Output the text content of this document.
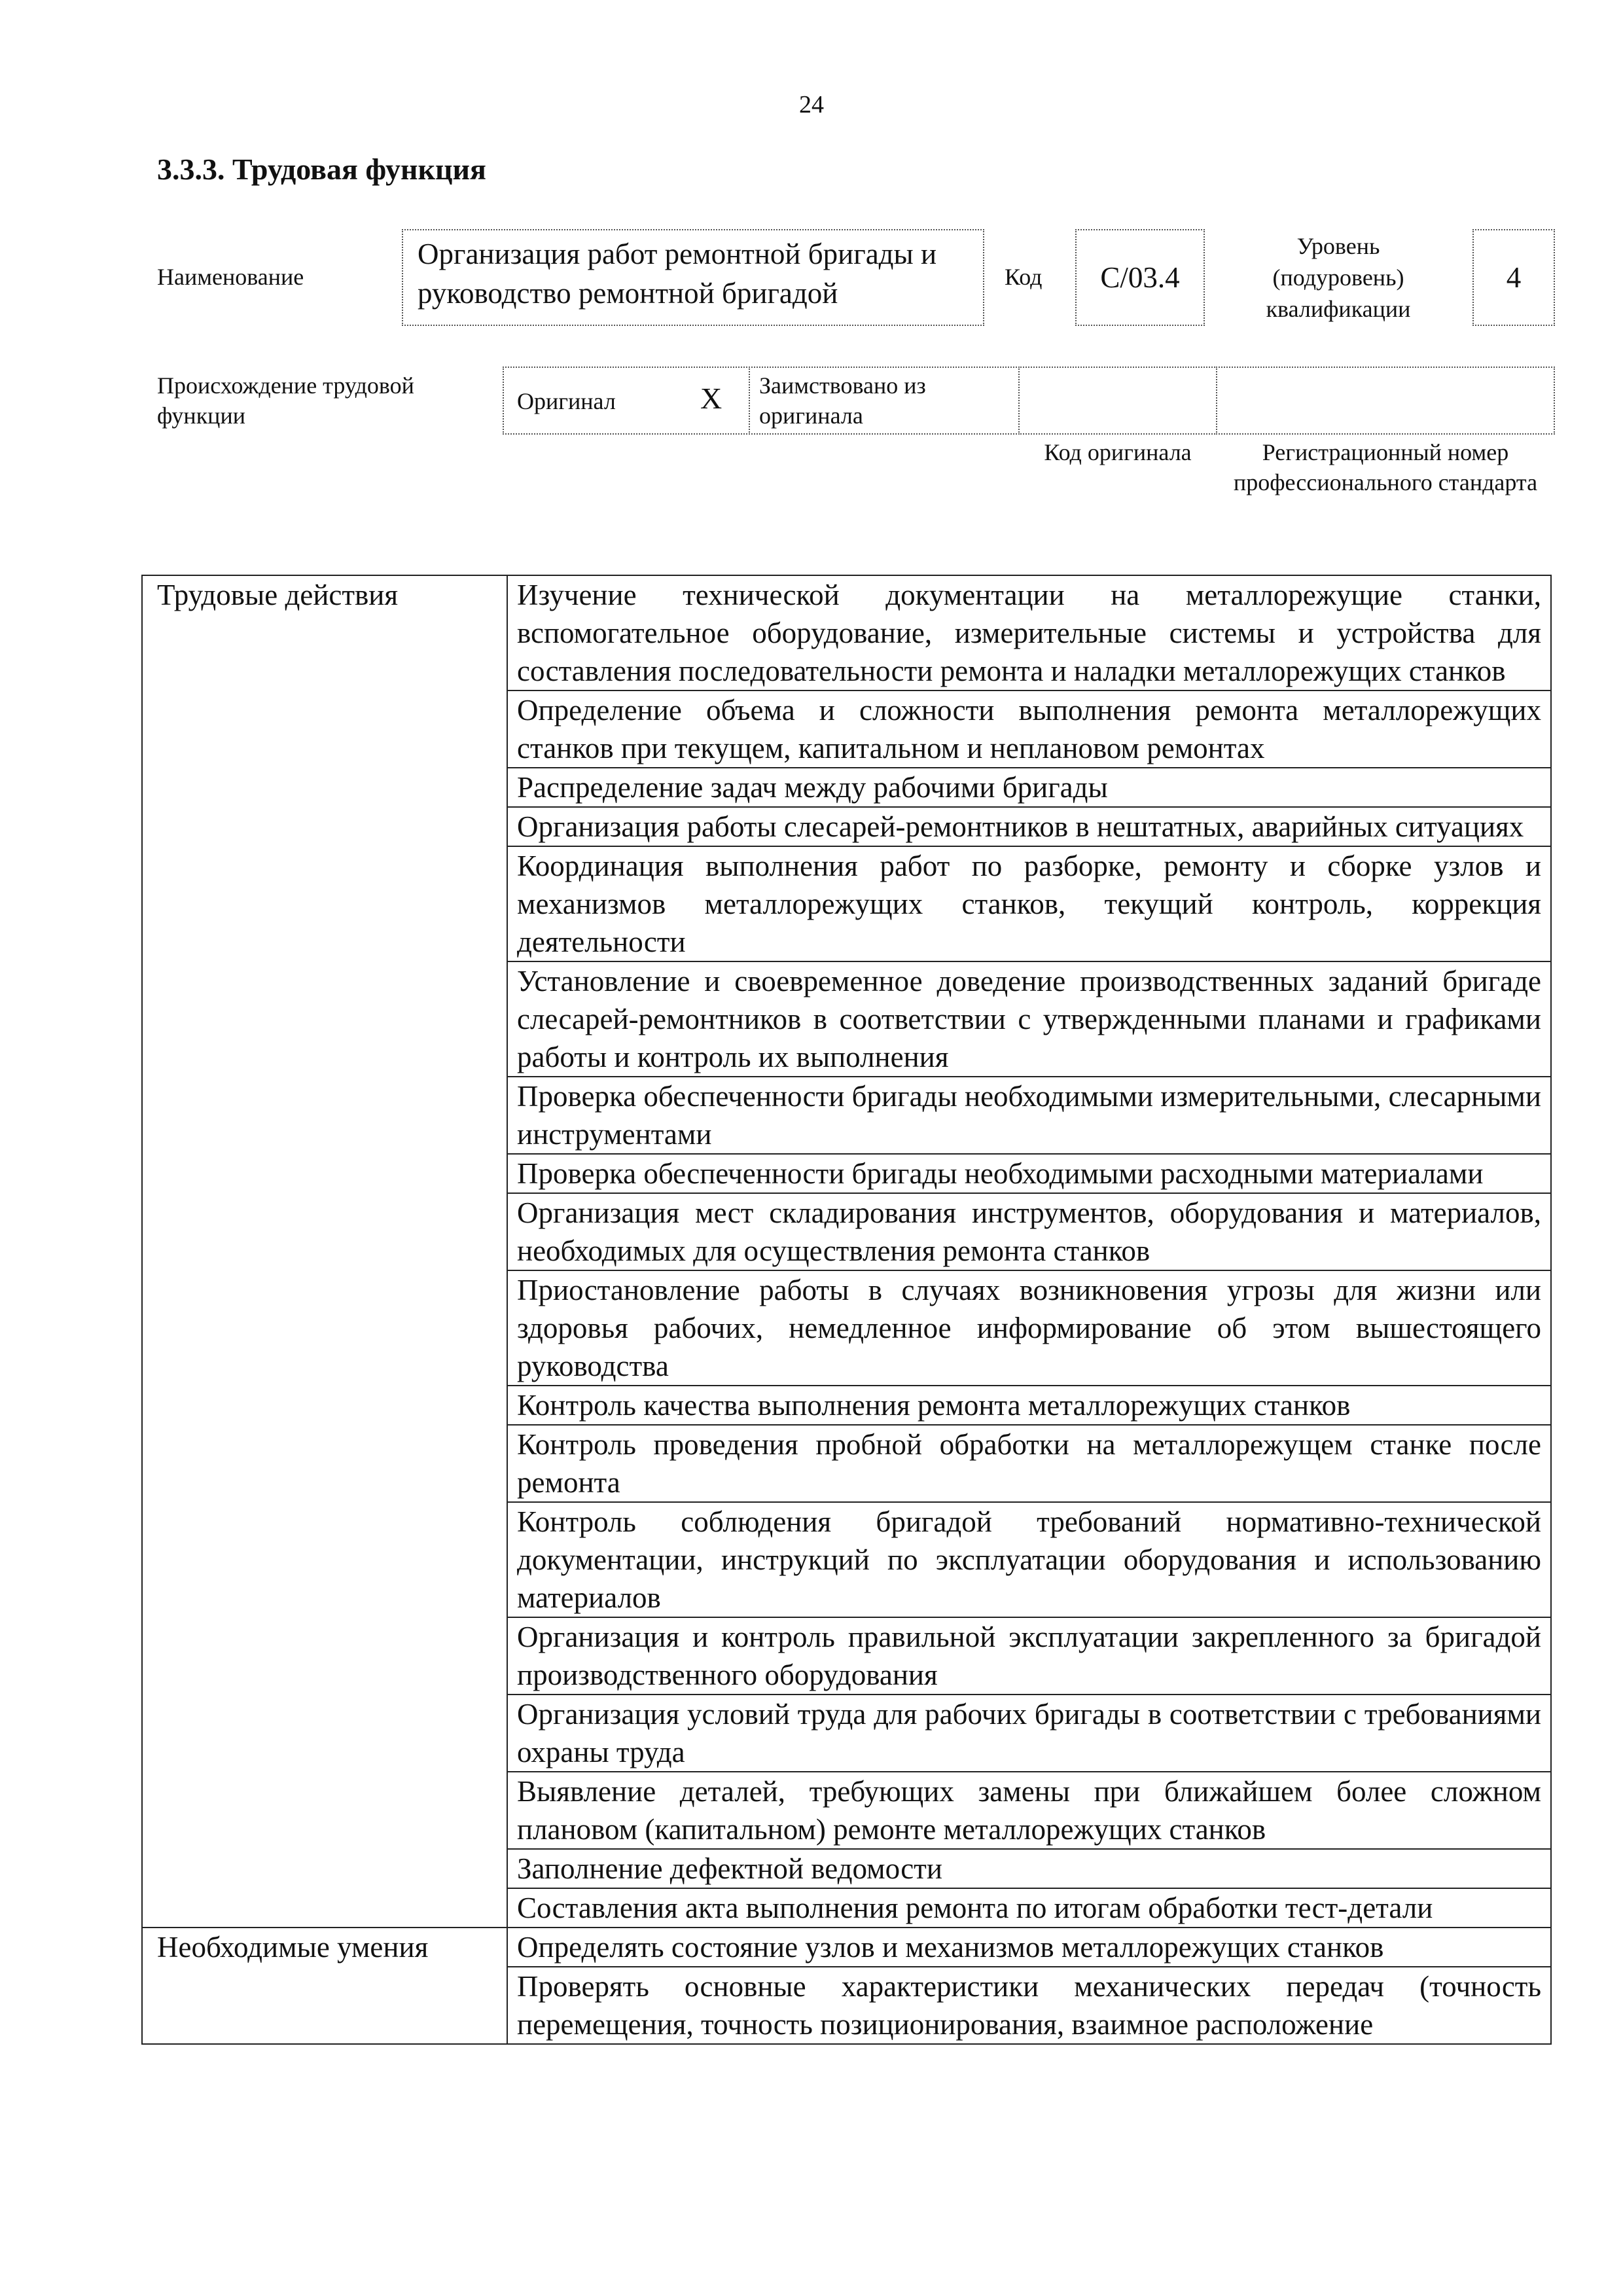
24
3.3.3. Трудовая функция
Наименование
Организация работ ремонтной бригады и руководство ремонтной бригадой	Код C/03.4
Уровень (подуровень) квалификации
4
Происхождение трудовой функции
Оригинал	X Заимствовано из оригинала
Код оригинала	Регистрационный номер профессионального стандарта
Трудовые действия	Изучение технической документации на металлорежущие станки, вспомогательное оборудование, измерительные системы и устройства для составления последовательности ремонта и наладки металлорежущих станков
	Определение объема и сложности выполнения ремонта металлорежущих станков при текущем, капитальном и неплановом ремонтах
	Распределение задач между рабочими бригады
	Организация работы слесарей-ремонтников в нештатных, аварийных ситуациях
	Координация выполнения работ по разборке, ремонту и сборке узлов и механизмов металлорежущих станков, текущий контроль, коррекция деятельности
	Установление и своевременное доведение производственных заданий бригаде слесарей-ремонтников в соответствии с утвержденными планами и графиками работы и контроль их выполнения
	Проверка обеспеченности бригады необходимыми измерительными, слесарными инструментами
	Проверка обеспеченности бригады необходимыми расходными материалами
	Организация мест складирования инструментов, оборудования и материалов, необходимых для осуществления ремонта станков
	Приостановление работы в случаях возникновения угрозы для жизни или здоровья рабочих, немедленное информирование об этом вышестоящего руководства
	Контроль качества выполнения ремонта металлорежущих станков
	Контроль проведения пробной обработки на металлорежущем станке после ремонта
	Контроль соблюдения бригадой требований нормативно-технической документации, инструкций по эксплуатации оборудования и использованию материалов
	Организация и контроль правильной эксплуатации закрепленного за бригадой производственного оборудования
	Организация условий труда для рабочих бригады в соответствии с требованиями охраны труда
	Выявление деталей, требующих замены при ближайшем более сложном плановом (капитальном) ремонте металлорежущих станков
	Заполнение дефектной ведомости
	Составления акта выполнения ремонта по итогам обработки тест-детали
Необходимые умения	Определять состояние узлов и механизмов металлорежущих станков
	Проверять основные характеристики механических передач (точность перемещения, точность позиционирования, взаимное расположение
